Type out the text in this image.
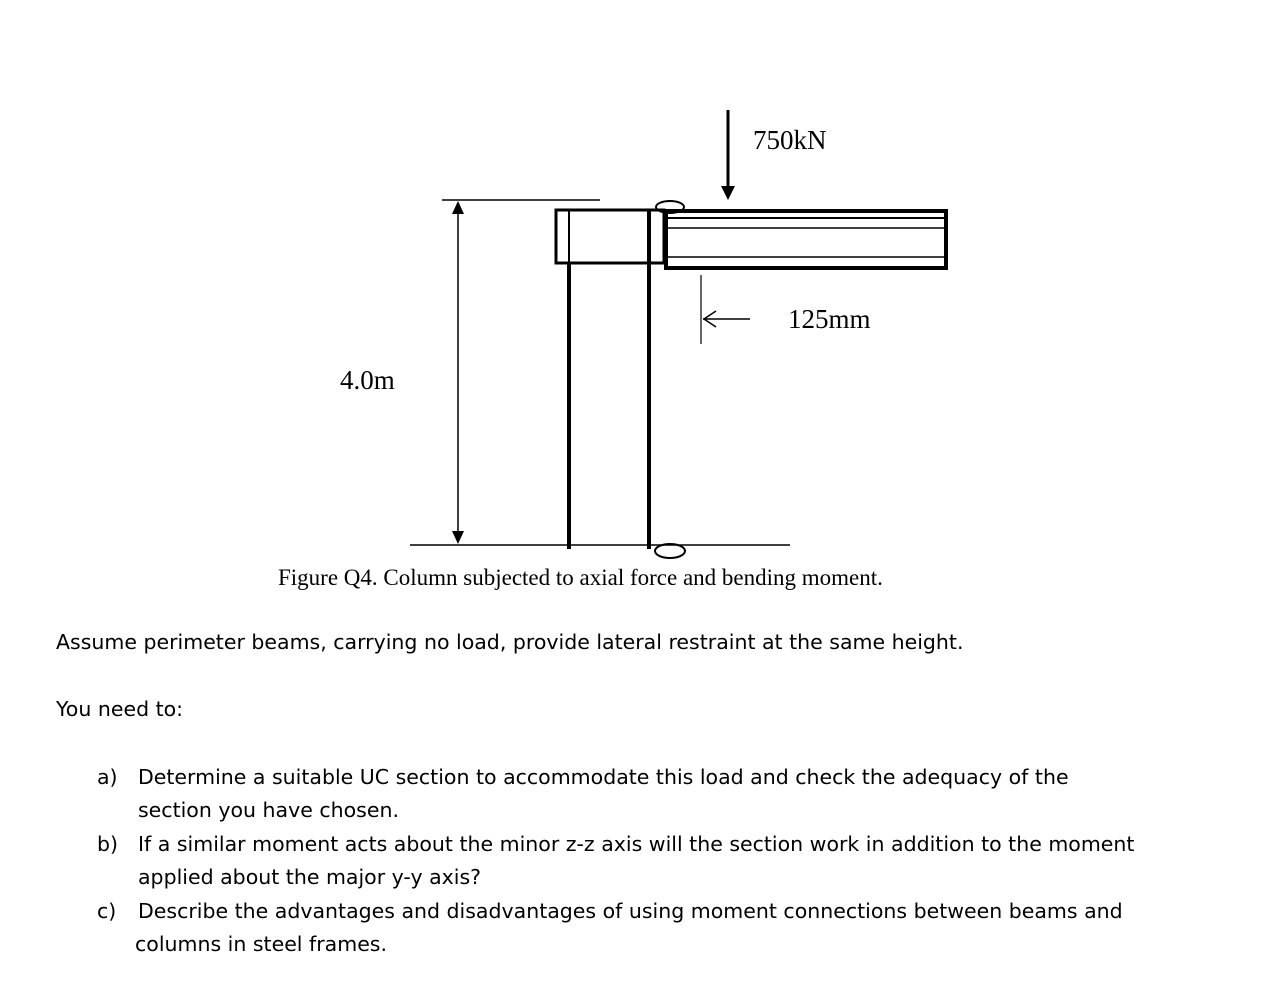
750kN
4.0m
125mm
Figure Q4. Column subjected to axial force and bending moment.
Assume perimeter beams, carrying no load, provide lateral restraint at the same height.
You need to:
a) Determine a suitable UC section to accommodate this load and check the adequacy of the
section you have chosen.
b) If a similar moment acts about the minor z-z axis will the section work in addition to the moment
applied about the major y-y axis?
c) Describe the advantages and disadvantages of using moment connections between beams and
columns in steel frames.
